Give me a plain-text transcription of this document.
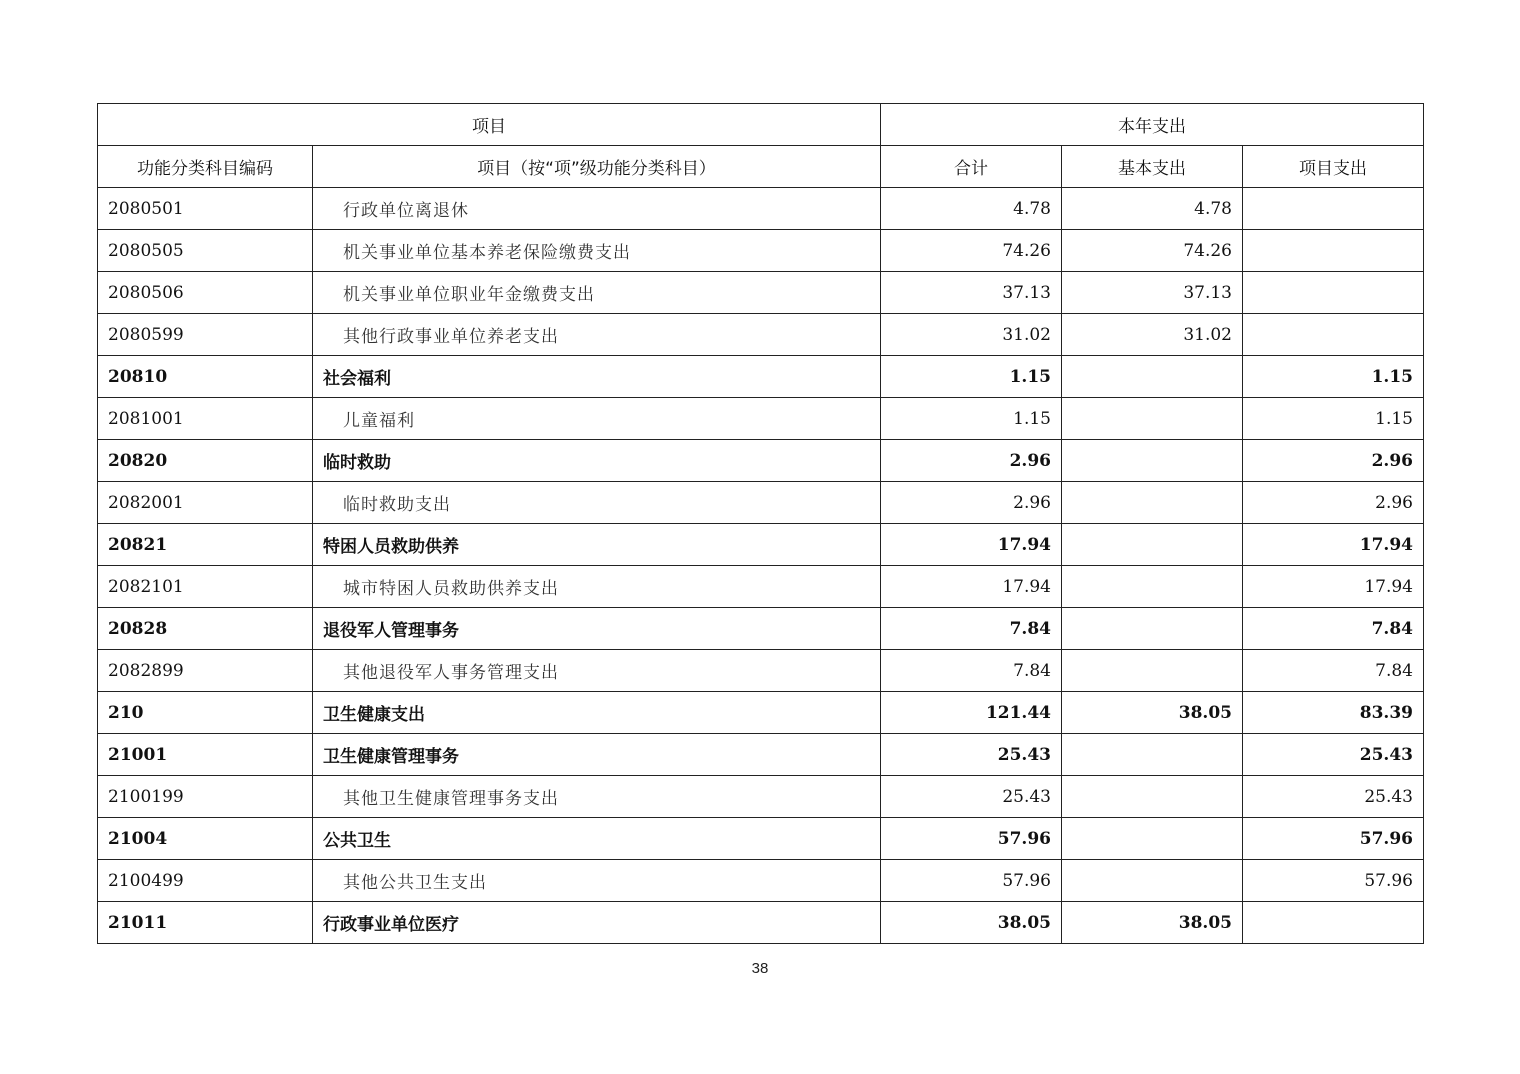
项目		本年支出		
功能分类科目编码	项目（按“项”级功能分类科目）	合计	基本支出	项目支出
2080501	行政单位离退休	4.78	4.78	
2080505	机关事业单位基本养老保险缴费支出	74.26	74.26	
2080506	机关事业单位职业年金缴费支出	37.13	37.13	
2080599	其他行政事业单位养老支出	31.02	31.02	
20810	社会福利	1.15		1.15
2081001	儿童福利	1.15		1.15
20820	临时救助	2.96		2.96
2082001	临时救助支出	2.96		2.96
20821	特困人员救助供养	17.94		17.94
2082101	城市特困人员救助供养支出	17.94		17.94
20828	退役军人管理事务	7.84		7.84
2082899	其他退役军人事务管理支出	7.84		7.84
210	卫生健康支出	121.44	38.05	83.39
21001	卫生健康管理事务	25.43		25.43
2100199	其他卫生健康管理事务支出	25.43		25.43
21004	公共卫生	57.96		57.96
2100499	其他公共卫生支出	57.96		57.96
21011	行政事业单位医疗	38.05	38.05	
38
